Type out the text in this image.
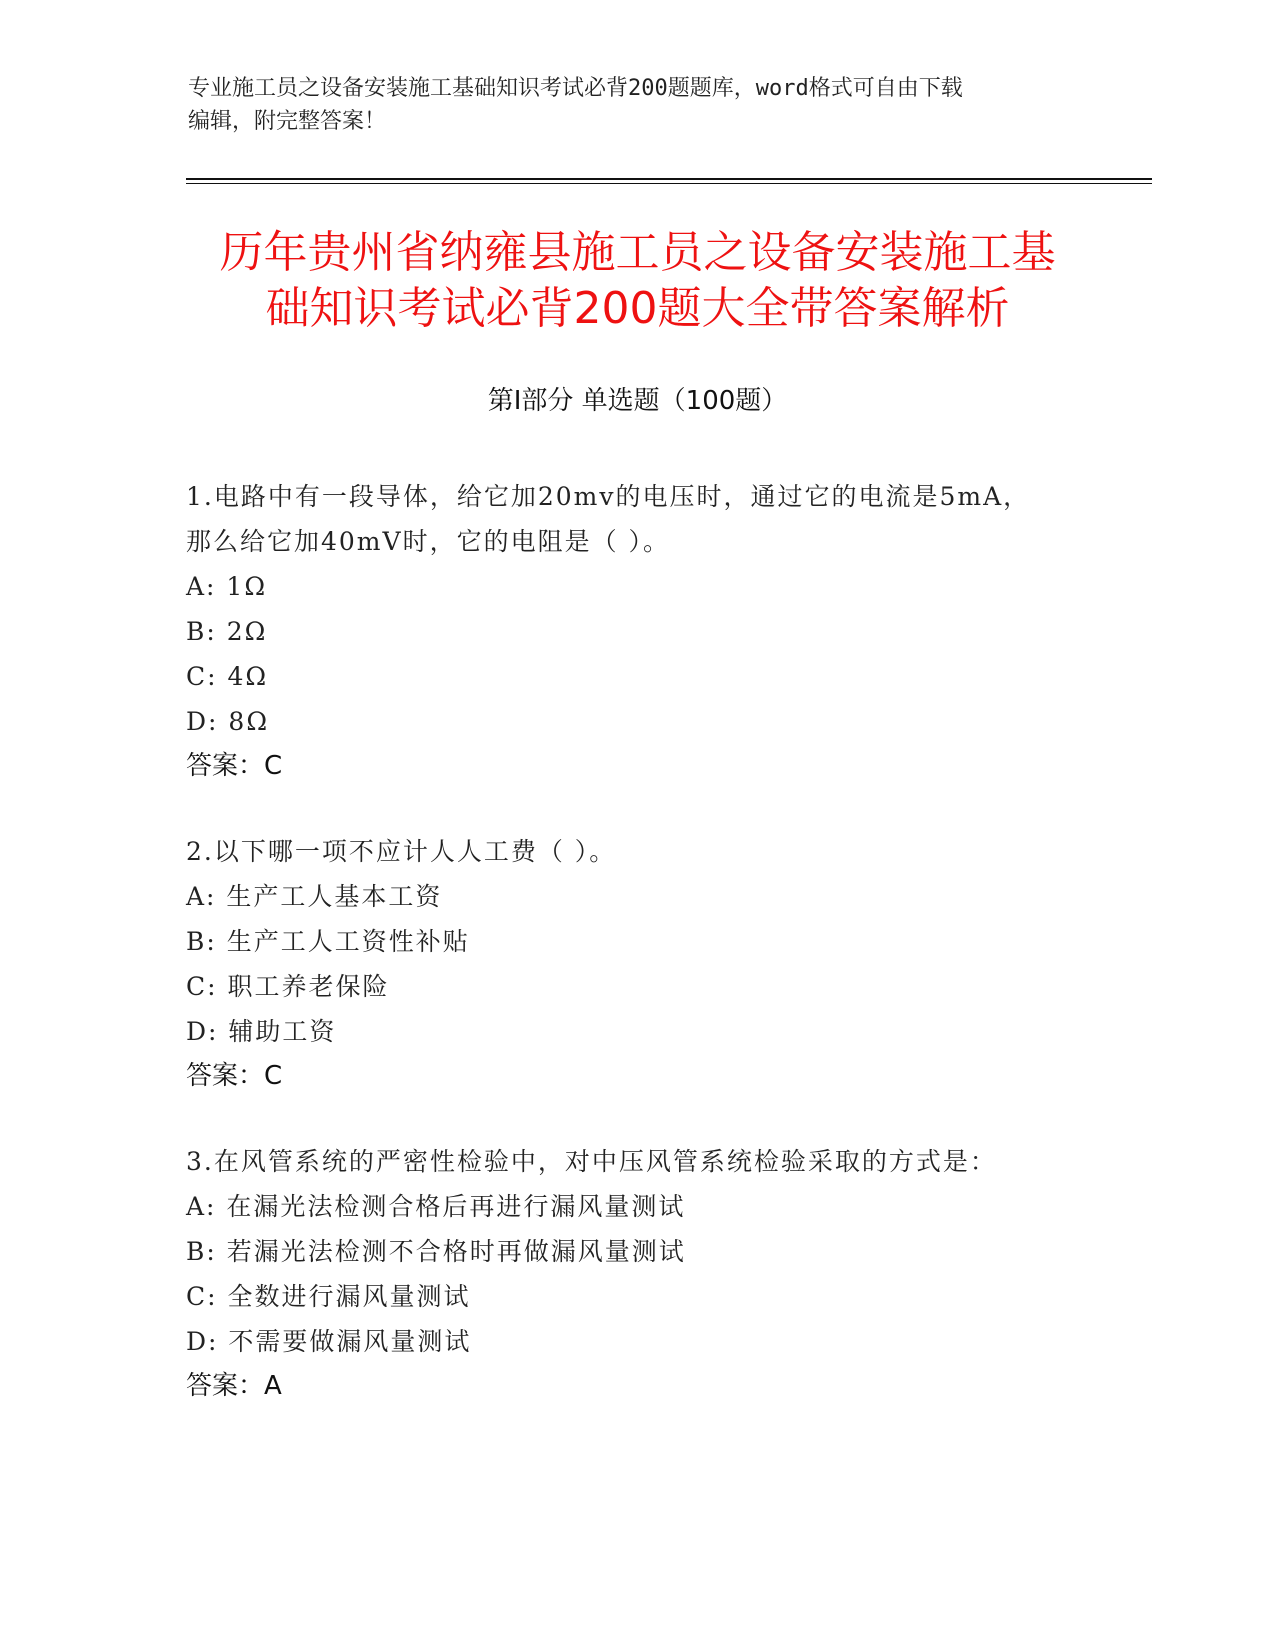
专业施工员之设备安装施工基础知识考试必背200题题库，word格式可自由下载
编辑，附完整答案！
历年贵州省纳雍县施工员之设备安装施工基
础知识考试必背200题大全带答案解析
第Ⅰ部分 单选题（100题）
1.电路中有一段导体，给它加20mv的电压时，通过它的电流是5mA，
那么给它加40mV时，它的电阻是（ ）。
A: 1Ω
B: 2Ω
C: 4Ω
D: 8Ω
答案：C
2.以下哪一项不应计人人工费（ ）。
A: 生产工人基本工资
B: 生产工人工资性补贴
C: 职工养老保险
D: 辅助工资
答案：C
3.在风管系统的严密性检验中，对中压风管系统检验采取的方式是：
A: 在漏光法检测合格后再进行漏风量测试
B: 若漏光法检测不合格时再做漏风量测试
C: 全数进行漏风量测试
D: 不需要做漏风量测试
答案：A
